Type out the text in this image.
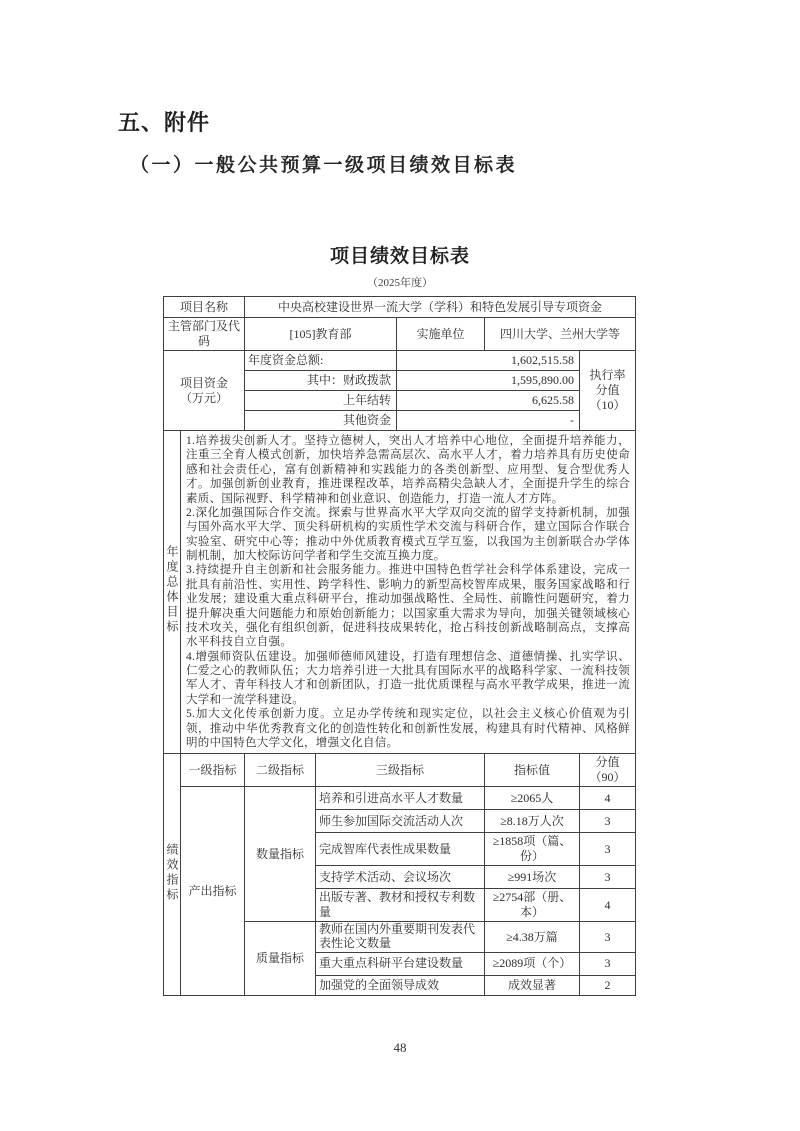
五、附件
（一）一般公共预算一级项目绩效目标表
项目绩效目标表
（2025年度）
项目名称		中央高校建设世界一流大学（学科）和特色发展引导专项资金				
主管部门及代码		[105]教育部		实施单位	四川大学、兰州大学等	
项目资金
（万元）		年度资金总额:		1,602,515.58		执行率
分值
（10）
		其中：财政拨款		1,595,890.00		
		上年结转		6,625.58		
		其他资金		-		
年度总体目标	1.培养拔尖创新人才。坚持立德树人，突出人才培养中心地位，全面提升培养能力，注重三全育人模式创新，加快培养急需高层次、高水平人才，着力培养具有历史使命感和社会责任心，富有创新精神和实践能力的各类创新型、应用型、复合型优秀人才。加强创新创业教育，推进课程改革，培养高精尖急缺人才，全面提升学生的综合素质、国际视野、科学精神和创业意识、创造能力，打造一流人才方阵。

2.深化加强国际合作交流。探索与世界高水平大学双向交流的留学支持新机制，加强与国外高水平大学、顶尖科研机构的实质性学术交流与科研合作，建立国际合作联合实验室、研究中心等；推动中外优质教育模式互学互鉴，以我国为主创新联合办学体制机制，加大校际访问学者和学生交流互换力度。

3.持续提升自主创新和社会服务能力。推进中国特色哲学社会科学体系建设，完成一批具有前沿性、实用性、跨学科性、影响力的新型高校智库成果，服务国家战略和行业发展；建设重大重点科研平台，推动加强战略性、全局性、前瞻性问题研究，着力提升解决重大问题能力和原始创新能力；以国家重大需求为导向，加强关键领域核心技术攻关，强化有组织创新，促进科技成果转化，抢占科技创新战略制高点，支撑高水平科技自立自强。

4.增强师资队伍建设。加强师德师风建设，打造有理想信念、道德情操、扎实学识、仁爱之心的教师队伍；大力培养引进一大批具有国际水平的战略科学家、一流科技领军人才、青年科技人才和创新团队，打造一批优质课程与高水平教学成果，推进一流大学和一流学科建设。

5.加大文化传承创新力度。立足办学传统和现实定位，以社会主义核心价值观为引领，推动中华优秀教育文化的创造性转化和创新性发展，构建具有时代精神、风格鲜明的中国特色大学文化，增强文化自信。					

绩效指标	一级指标	二级指标	三级指标		指标值	分值
（90）
	产出指标	数量指标	培养和引进高水平人才数量		≥2065人	4
			师生参加国际交流活动人次		≥8.18万人次	3
			完成智库代表性成果数量		≥1858项（篇、份）	3
			支持学术活动、会议场次		≥991场次	3
			出版专著、教材和授权专利数量		≥2754部（册、本）	4
		质量指标	教师在国内外重要期刊发表代表性论文数量		≥4.38万篇	3
			重大重点科研平台建设数量		≥2089项（个）	3
			加强党的全面领导成效		成效显著	2
48
